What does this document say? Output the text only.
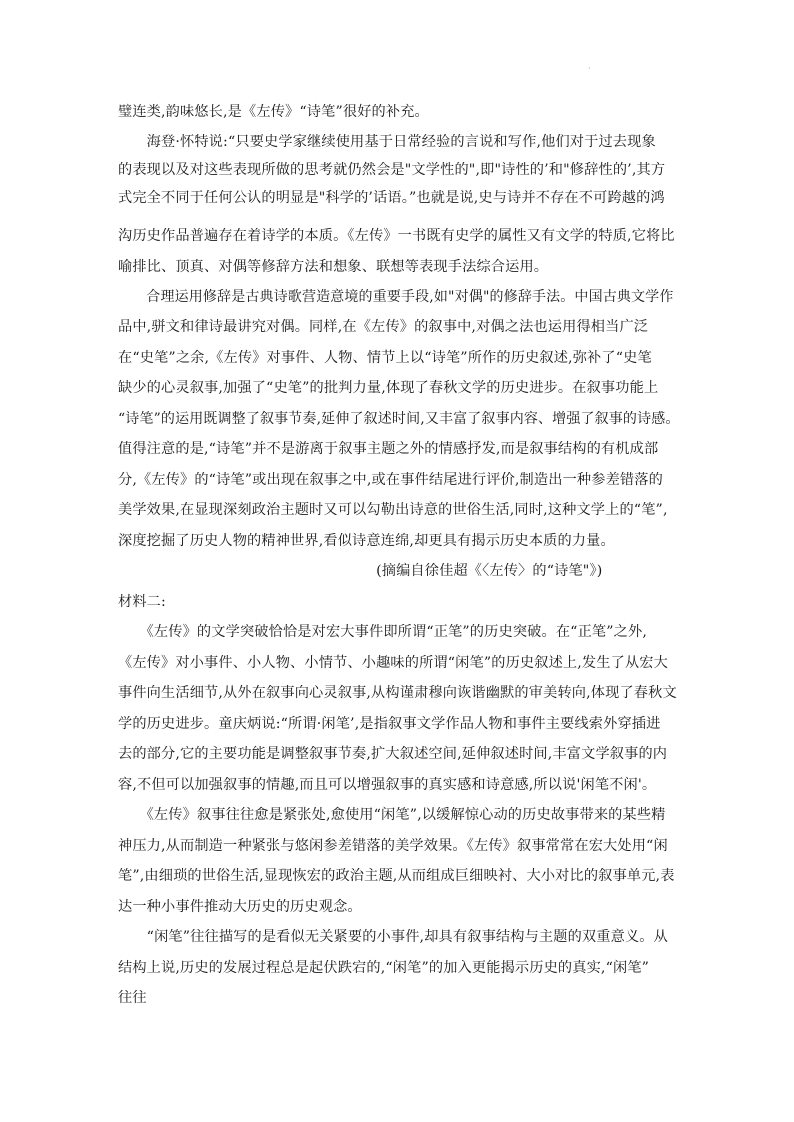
·
璧连类,韵味悠长,是《左传》“诗笔”很好的补充。
　　海登·怀特说:“只要史学家继续使用基于日常经验的言说和写作,他们对于过去现象
的表现以及对这些表现所做的思考就仍然会是"文学性的",即"诗性的’和"修辞性的’,其方
式完全不同于任何公认的明显是"科学的’话语。”也就是说,史与诗并不存在不可跨越的鸿
沟历史作品普遍存在着诗学的本质。《左传》一书既有史学的属性又有文学的特质,它将比
喻排比、顶真、对偶等修辞方法和想象、联想等表现手法综合运用。
　　合理运用修辞是古典诗歌营造意境的重要手段,如"对偶"的修辞手法。中国古典文学作
品中,骈文和律诗最讲究对偶。同样,在《左传》的叙事中,对偶之法也运用得相当广泛
在“史笔”之余,《左传》对事件、人物、情节上以“诗笔”所作的历史叙述,弥补了“史笔
缺少的心灵叙事,加强了“史笔”的批判力量,体现了春秋文学的历史进步。在叙事功能上
“诗笔”的运用既调整了叙事节奏,延伸了叙述时间,又丰富了叙事内容、增强了叙事的诗感。
值得注意的是,“诗笔”并不是游离于叙事主题之外的情感抒发,而是叙事结构的有机成部
分,《左传》的“诗笔”或出现在叙事之中,或在事件结尾进行评价,制造出一种参差错落的
美学效果,在显现深刻政治主题时又可以勾勒出诗意的世俗生活,同时,这种文学上的“笔”,
深度挖掘了历史人物的精神世界,看似诗意连绵,却更具有揭示历史本质的力量。
　　　　　　　　　　　　　　　　　　(摘编自徐佳超《〈左传〉的“诗笔"》)
材料二:
　　《左传》的文学突破恰恰是对宏大事件即所谓“正笔”的历史突破。在“正笔”之外,
《左传》对小事件、小人物、小情节、小趣味的所谓“闲笔”的历史叙述上,发生了从宏大
事件向生活细节,从外在叙事向心灵叙事,从构谨肃穆向诙谐幽默的审美转向,体现了春秋文
学的历史进步。童庆炳说:“所谓·闲笔’,是指叙事文学作品人物和事件主要线索外穿插进
去的部分,它的主要功能是调整叙事节奏,扩大叙述空间,延伸叙述时间,丰富文学叙事的内
容,不但可以加强叙事的情趣,而且可以增强叙事的真实感和诗意感,所以说'闲笔不闲'。
　　《左传》叙事往往愈是紧张处,愈使用“闲笔”,以缓解惊心动的历史故事带来的某些精
神压力,从而制造一种紧张与悠闲参差错落的美学效果。《左传》叙事常常在宏大处用“闲
笔”,由细琐的世俗生活,显现恢宏的政治主题,从而组成巨细映衬、大小对比的叙事单元,表
达一种小事件推动大历史的历史观念。
　　“闲笔”往往描写的是看似无关紧要的小事件,却具有叙事结构与主题的双重意义。从
结构上说,历史的发展过程总是起伏跌宕的,“闲笔”的加入更能揭示历史的真实,“闲笔”
往往
